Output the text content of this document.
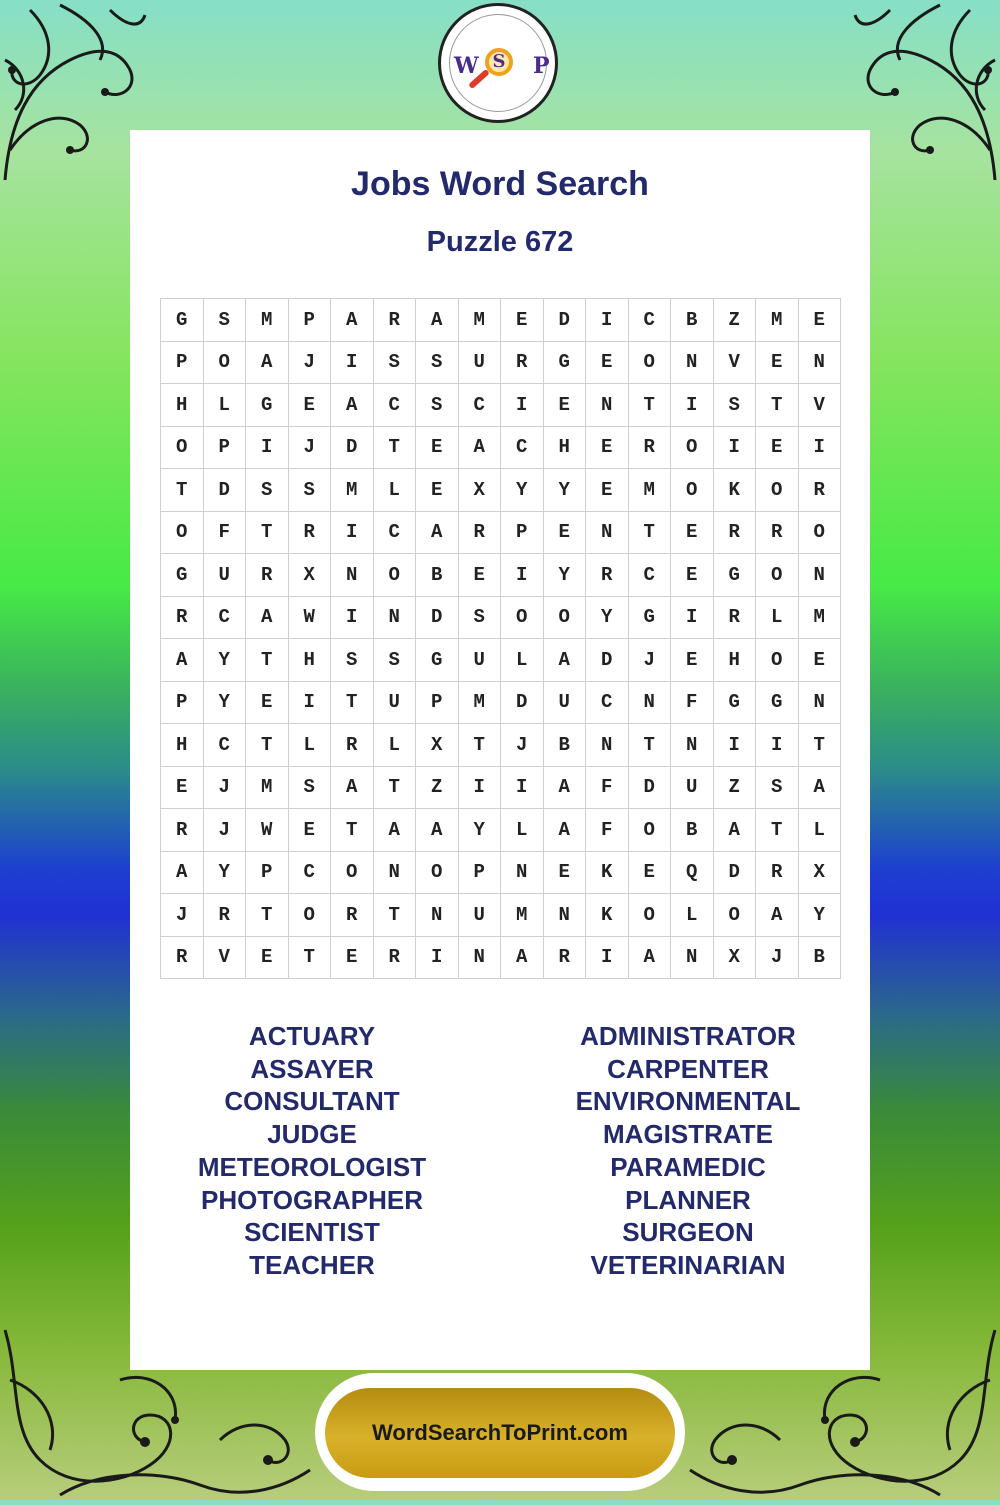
W S	P
Jobs Word Search
Puzzle 672
G	S	M	P	A	R	A	M	E	D	I	C	B	Z	M	E
P	O	A	J	I	S	S	U	R	G	E	O	N	V	E	N
H	L	G	E	A	C	S	C	I	E	N	T	I	S	T	V
O	P	I	J	D	T	E	A	C	H	E	R	O	I	E	I
T	D	S	S	M	L	E	X	Y	Y	E	M	O	K	O	R
O	F	T	R	I	C	A	R	P	E	N	T	E	R	R	O
G	U	R	X	N	O	B	E	I	Y	R	C	E	G	O	N
R	C	A	W	I	N	D	S	O	O	Y	G	I	R	L	M
A	Y	T	H	S	S	G	U	L	A	D	J	E	H	O	E
P	Y	E	I	T	U	P	M	D	U	C	N	F	G	G	N
H	C	T	L	R	L	X	T	J	B	N	T	N	I	I	T
E	J	M	S	A	T	Z	I	I	A	F	D	U	Z	S	A
R	J	W	E	T	A	A	Y	L	A	F	O	B	A	T	L
A	Y	P	C	O	N	O	P	N	E	K	E	Q	D	R	X
J	R	T	O	R	T	N	U	M	N	K	O	L	O	A	Y
R	V	E	T	E	R	I	N	A	R	I	A	N	X	J	B
ACTUARY
ASSAYER
CONSULTANT
JUDGE
METEOROLOGIST
PHOTOGRAPHER
SCIENTIST
TEACHER
ADMINISTRATOR
CARPENTER
ENVIRONMENTAL
MAGISTRATE
PARAMEDIC
PLANNER
SURGEON
VETERINARIAN
WordSearchToPrint.com
